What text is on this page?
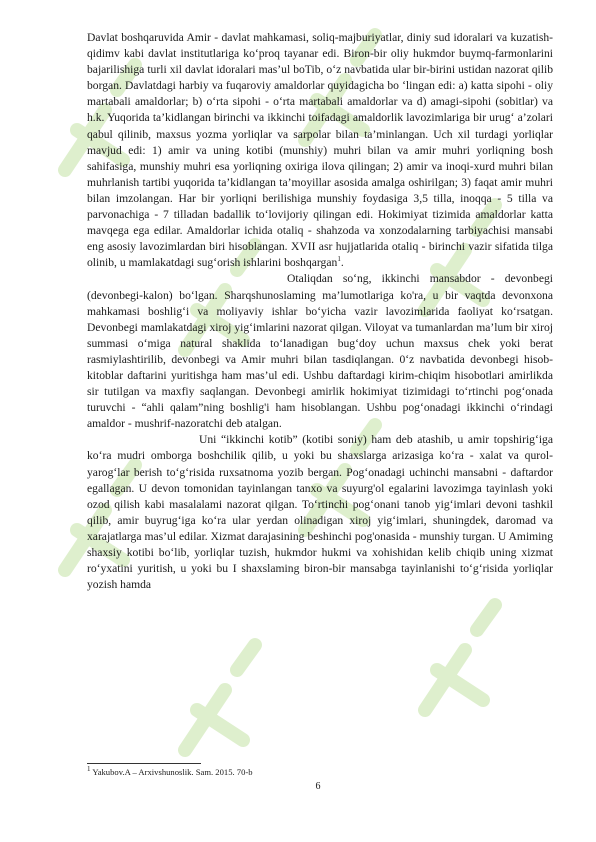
Davlat boshqaruvida Amir - davlat mahkamasi, soliq-majburiyatlar, diniy sud idoralari va kuzatish-qidimv kabi davlat institutlariga ko‘proq tayanar edi. Biron-bir oliy hukmdor buymq-farmonlarini bajarilishiga turli xil davlat idoralari mas’ul boTib, o‘z navbatida ular bir-birini ustidan nazorat qilib borgan. Davlatdagi harbiy va fuqaroviy amaldorlar quyidagicha bo ‘lingan edi: a) katta sipohi - oliy martabali amaldorlar; b) o‘rta sipohi - o‘rta martabali amaldorlar va d) amagi-sipohi (sobitlar) va h.k. Yuqorida ta’kidlangan birinchi va ikkinchi toifadagi amaldorlik lavozimlariga bir urug‘ a’zolari qabul qilinib, maxsus yozma yorliqlar va sarpolar bilan ta’minlangan. Uch xil turdagi yorliqlar mavjud edi: 1) amir va uning kotibi (munshiy) muhri bilan va amir muhri yorliqning bosh sahifasiga, munshiy muhri esa yorliqning oxiriga ilova qilingan; 2) amir va inoqi-xurd muhri bilan muhrlanish tartibi yuqorida ta’kidlangan ta’moyillar asosida amalga oshirilgan; 3) faqat amir muhri bilan imzolangan. Har bir yorliqni berilishiga munshiy foydasiga 3,5 tilla, inoqqa - 5 tilla va parvonachiga - 7 tilladan badallik to‘lovijoriy qilingan edi. Hokimiyat tizimida amaldorlar katta mavqega ega edilar. Amaldorlar ichida otaliq - shahzoda va xonzodalarning tarbiyachisi mansabi eng asosiy lavozimlardan biri hisoblangan. XVII asr hujjatlarida otaliq - birinchi vazir sifatida tilga olinib, u mamlakatdagi sug‘orish ishlarini boshqargan$^1$.

Otaliqdan so‘ng, ikkinchi mansabdor - devonbegi (devonbegi-kalon) bo‘lgan. Sharqshunoslaming ma’lumotlariga ko'ra, u bir vaqtda devonxona mahkamasi boshlig‘i va moliyaviy ishlar bo‘yicha vazir lavozimlarida faoliyat ko‘rsatgan. Devonbegi mamlakatdagi xiroj yig‘imlarini nazorat qilgan. Viloyat va tumanlardan ma’lum bir xiroj summasi o‘miga natural shaklida to‘lanadigan bug‘doy uchun maxsus chek yoki berat rasmiylashtirilib, devonbegi va Amir muhri bilan tasdiqlangan. 0‘z navbatida devonbegi hisob-kitoblar daftarini yuritishga ham mas’ul edi. Ushbu daftardagi kirim-chiqim hisobotlari amirlikda sir tutilgan va maxfiy saqlangan. Devonbegi amirlik hokimiyat tizimidagi to‘rtinchi pog‘onada turuvchi - “ahli qalam”ning boshlig'i ham hisoblangan. Ushbu pog‘onadagi ikkinchi o‘rindagi amaldor - mushrif-nazoratchi deb atalgan.

Uni “ikkinchi kotib” (kotibi soniy) ham deb atashib, u amir topshirig‘iga ko‘ra mudri omborga boshchilik qilib, u yoki bu shaxslarga arizasiga ko‘ra - xalat va qurol-yarog‘lar berish to‘g‘risida ruxsatnoma yozib bergan. Pog‘onadagi uchinchi mansabni - daftardor egallagan. U devon tomonidan tayinlangan tanxo va suyurg'ol egalarini lavozimga tayinlash yoki ozod qilish kabi masalalami nazorat qilgan. To‘rtinchi pog‘onani tanob yig‘imlari devoni tashkil qilib, amir buyrug‘iga ko‘ra ular yerdan olinadigan xiroj yig‘imlari, shuningdek, daromad va xarajatlarga mas’ul edilar. Xizmat darajasining beshinchi pog'onasida - munshiy turgan. U Amiming shaxsiy kotibi bo‘lib, yorliqlar tuzish, hukmdor hukmi va xohishidan kelib chiqib uning xizmat ro‘yxatini yuritish, u yoki bu I shaxslaming biron-bir mansabga tayinlanishi to‘g‘risida yorliqlar yozish hamda

$^1$ Yakubov.A – Arxivshunoslik. Sam. 2015. 70-b
6
